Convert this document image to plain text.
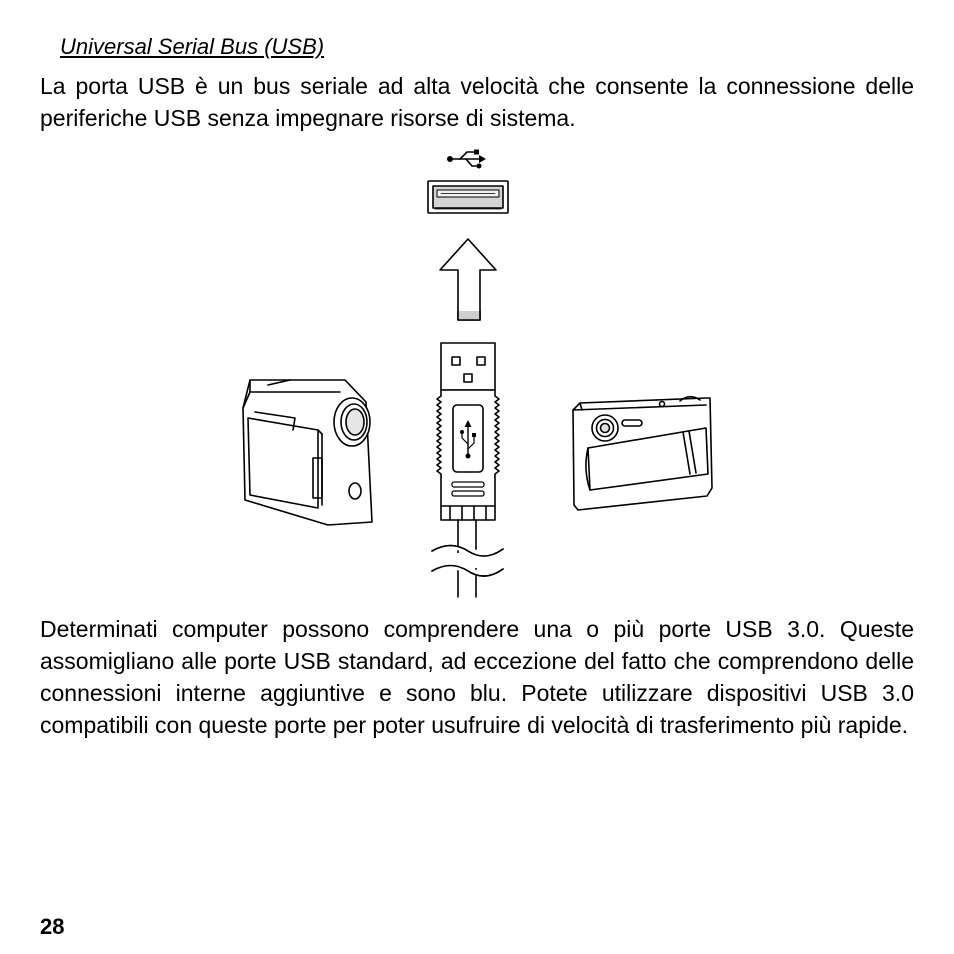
Universal Serial Bus (USB)

La porta USB è un bus seriale ad alta velocità che consente la connessione delle periferiche USB senza impegnare risorse di sistema.

Determinati computer possono comprendere una o più porte USB 3.0. Queste assomigliano alle porte USB standard, ad eccezione del fatto che comprendono delle connessioni interne aggiuntive e sono blu. Potete utilizzare dispositivi USB 3.0 compatibili con queste porte per poter usufruire di velocità di trasferimento più rapide.

28
